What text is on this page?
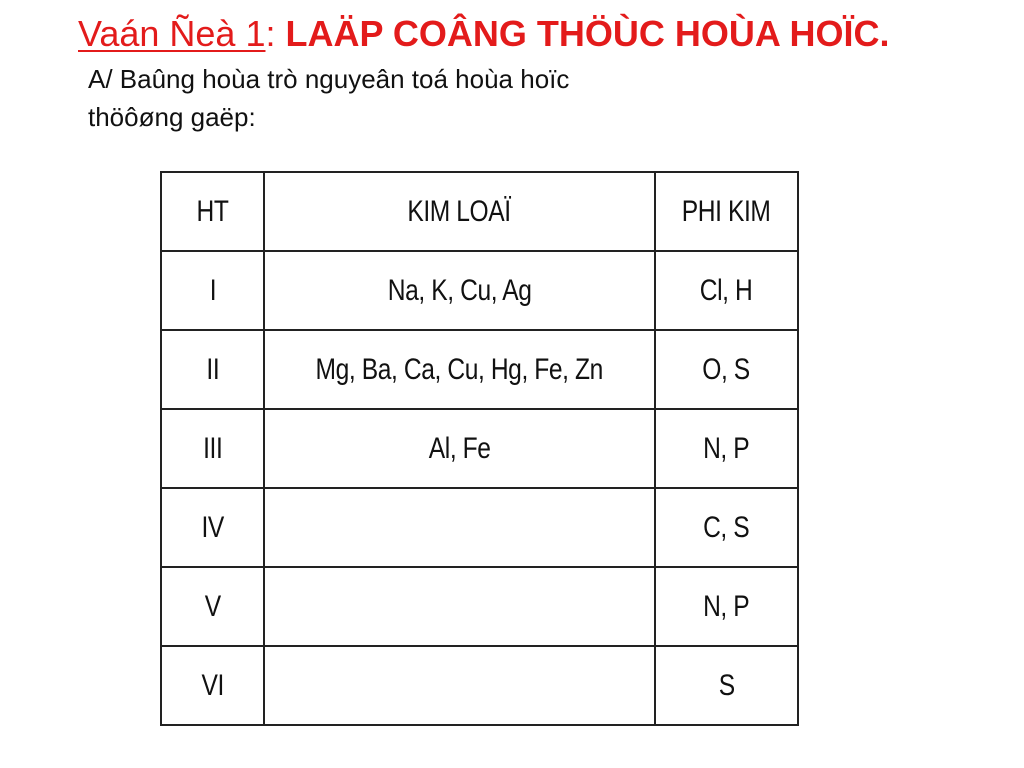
Vaán Ñeà 1: LAÄP COÂNG THÖÙC HOÙA HOÏC.
A/ Baûng hoùa trò nguyeân toá hoùa hoïc
thöôøng gaëp:
HT	KIM LOAÏ	PHI KIM
I	Na, K, Cu, Ag	Cl, H
II	Mg, Ba, Ca, Cu, Hg, Fe, Zn	O, S
III	Al, Fe	N, P
IV		C, S
V		N, P
VI		S
